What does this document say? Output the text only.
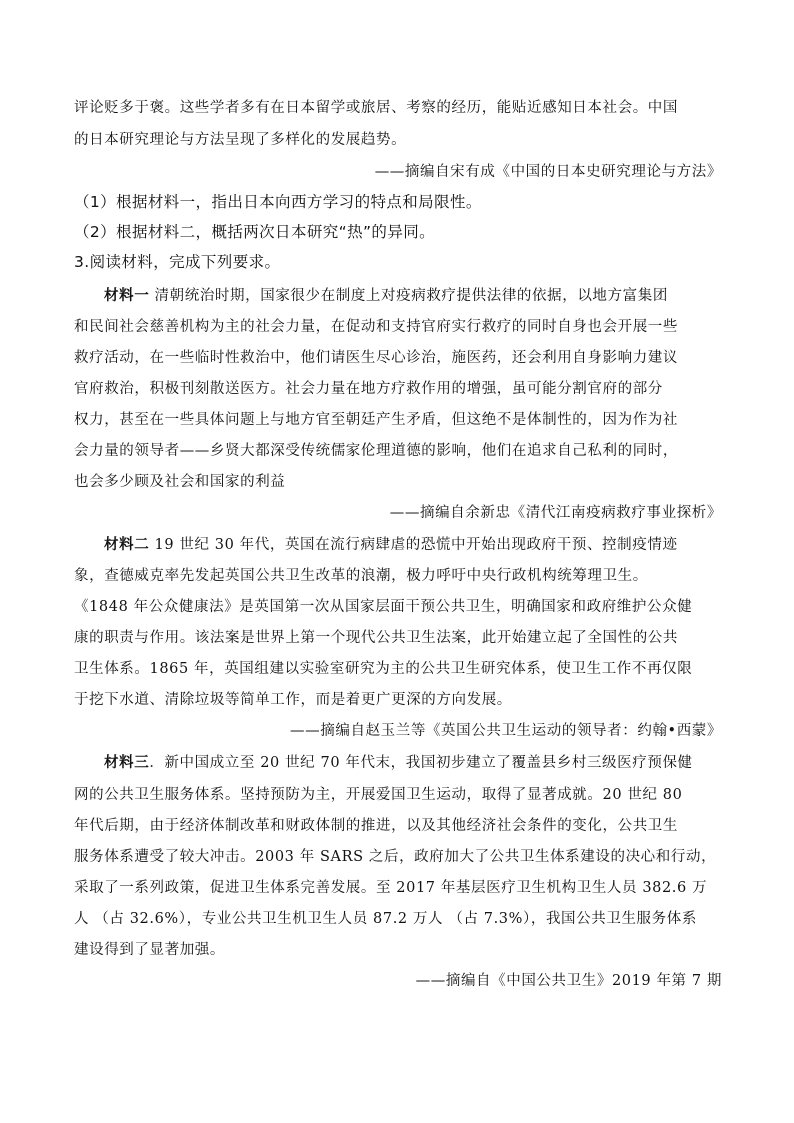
评论贬多于褒。这些学者多有在日本留学或旅居、考察的经历，能贴近感知日本社会。中国
的日本研究理论与方法呈现了多样化的发展趋势。
——摘编自宋有成《中国的日本史研究理论与方法》
（1）根据材料一，指出日本向西方学习的特点和局限性。
（2）根据材料二，概括两次日本研究“热”的异同。
3.阅读材料，完成下列要求。
材料一 清朝统治时期，国家很少在制度上对疫病救疗提供法律的依据，以地方富集团
和民间社会慈善机构为主的社会力量，在促动和支持官府实行救疗的同时自身也会开展一些
救疗活动，在一些临时性救治中，他们请医生尽心诊治，施医药，还会利用自身影响力建议
官府救治，积极刊刻散送医方。社会力量在地方疗救作用的增强，虽可能分割官府的部分
权力，甚至在一些具体问题上与地方官至朝廷产生矛盾，但这绝不是体制性的，因为作为社
会力量的领导者——乡贤大都深受传统儒家伦理道德的影响，他们在追求自己私利的同时，
也会多少顾及社会和国家的利益
——摘编自余新忠《清代江南疫病救疗事业探析》
材料二 19 世纪 30 年代，英国在流行病肆虐的恐慌中开始出现政府干预、控制疫情迹
象，查德威克率先发起英国公共卫生改革的浪潮，极力呼吁中央行政机构统筹理卫生。
《1848 年公众健康法》是英国第一次从国家层面干预公共卫生，明确国家和政府维护公众健
康的职责与作用。该法案是世界上第一个现代公共卫生法案，此开始建立起了全国性的公共
卫生体系。1865 年，英国组建以实验室研究为主的公共卫生研究体系，使卫生工作不再仅限
于挖下水道、清除垃圾等简单工作，而是着更广更深的方向发展。
——摘编自赵玉兰等《英国公共卫生运动的领导者：约翰•西蒙》
材料三．新中国成立至 20 世纪 70 年代末，我国初步建立了覆盖县乡村三级医疗预保健
网的公共卫生服务体系。坚持预防为主，开展爱国卫生运动，取得了显著成就。20 世纪 80
年代后期，由于经济体制改革和财政体制的推进，以及其他经济社会条件的变化，公共卫生
服务体系遭受了较大冲击。2003 年 SARS 之后，政府加大了公共卫生体系建设的决心和行动，
采取了一系列政策，促进卫生体系完善发展。至 2017 年基层医疗卫生机构卫生人员 382.6 万
人 （占 32.6%），专业公共卫生机卫生人员 87.2 万人 （占 7.3%），我国公共卫生服务体系
建设得到了显著加强。
——摘编自《中国公共卫生》2019 年第 7 期
